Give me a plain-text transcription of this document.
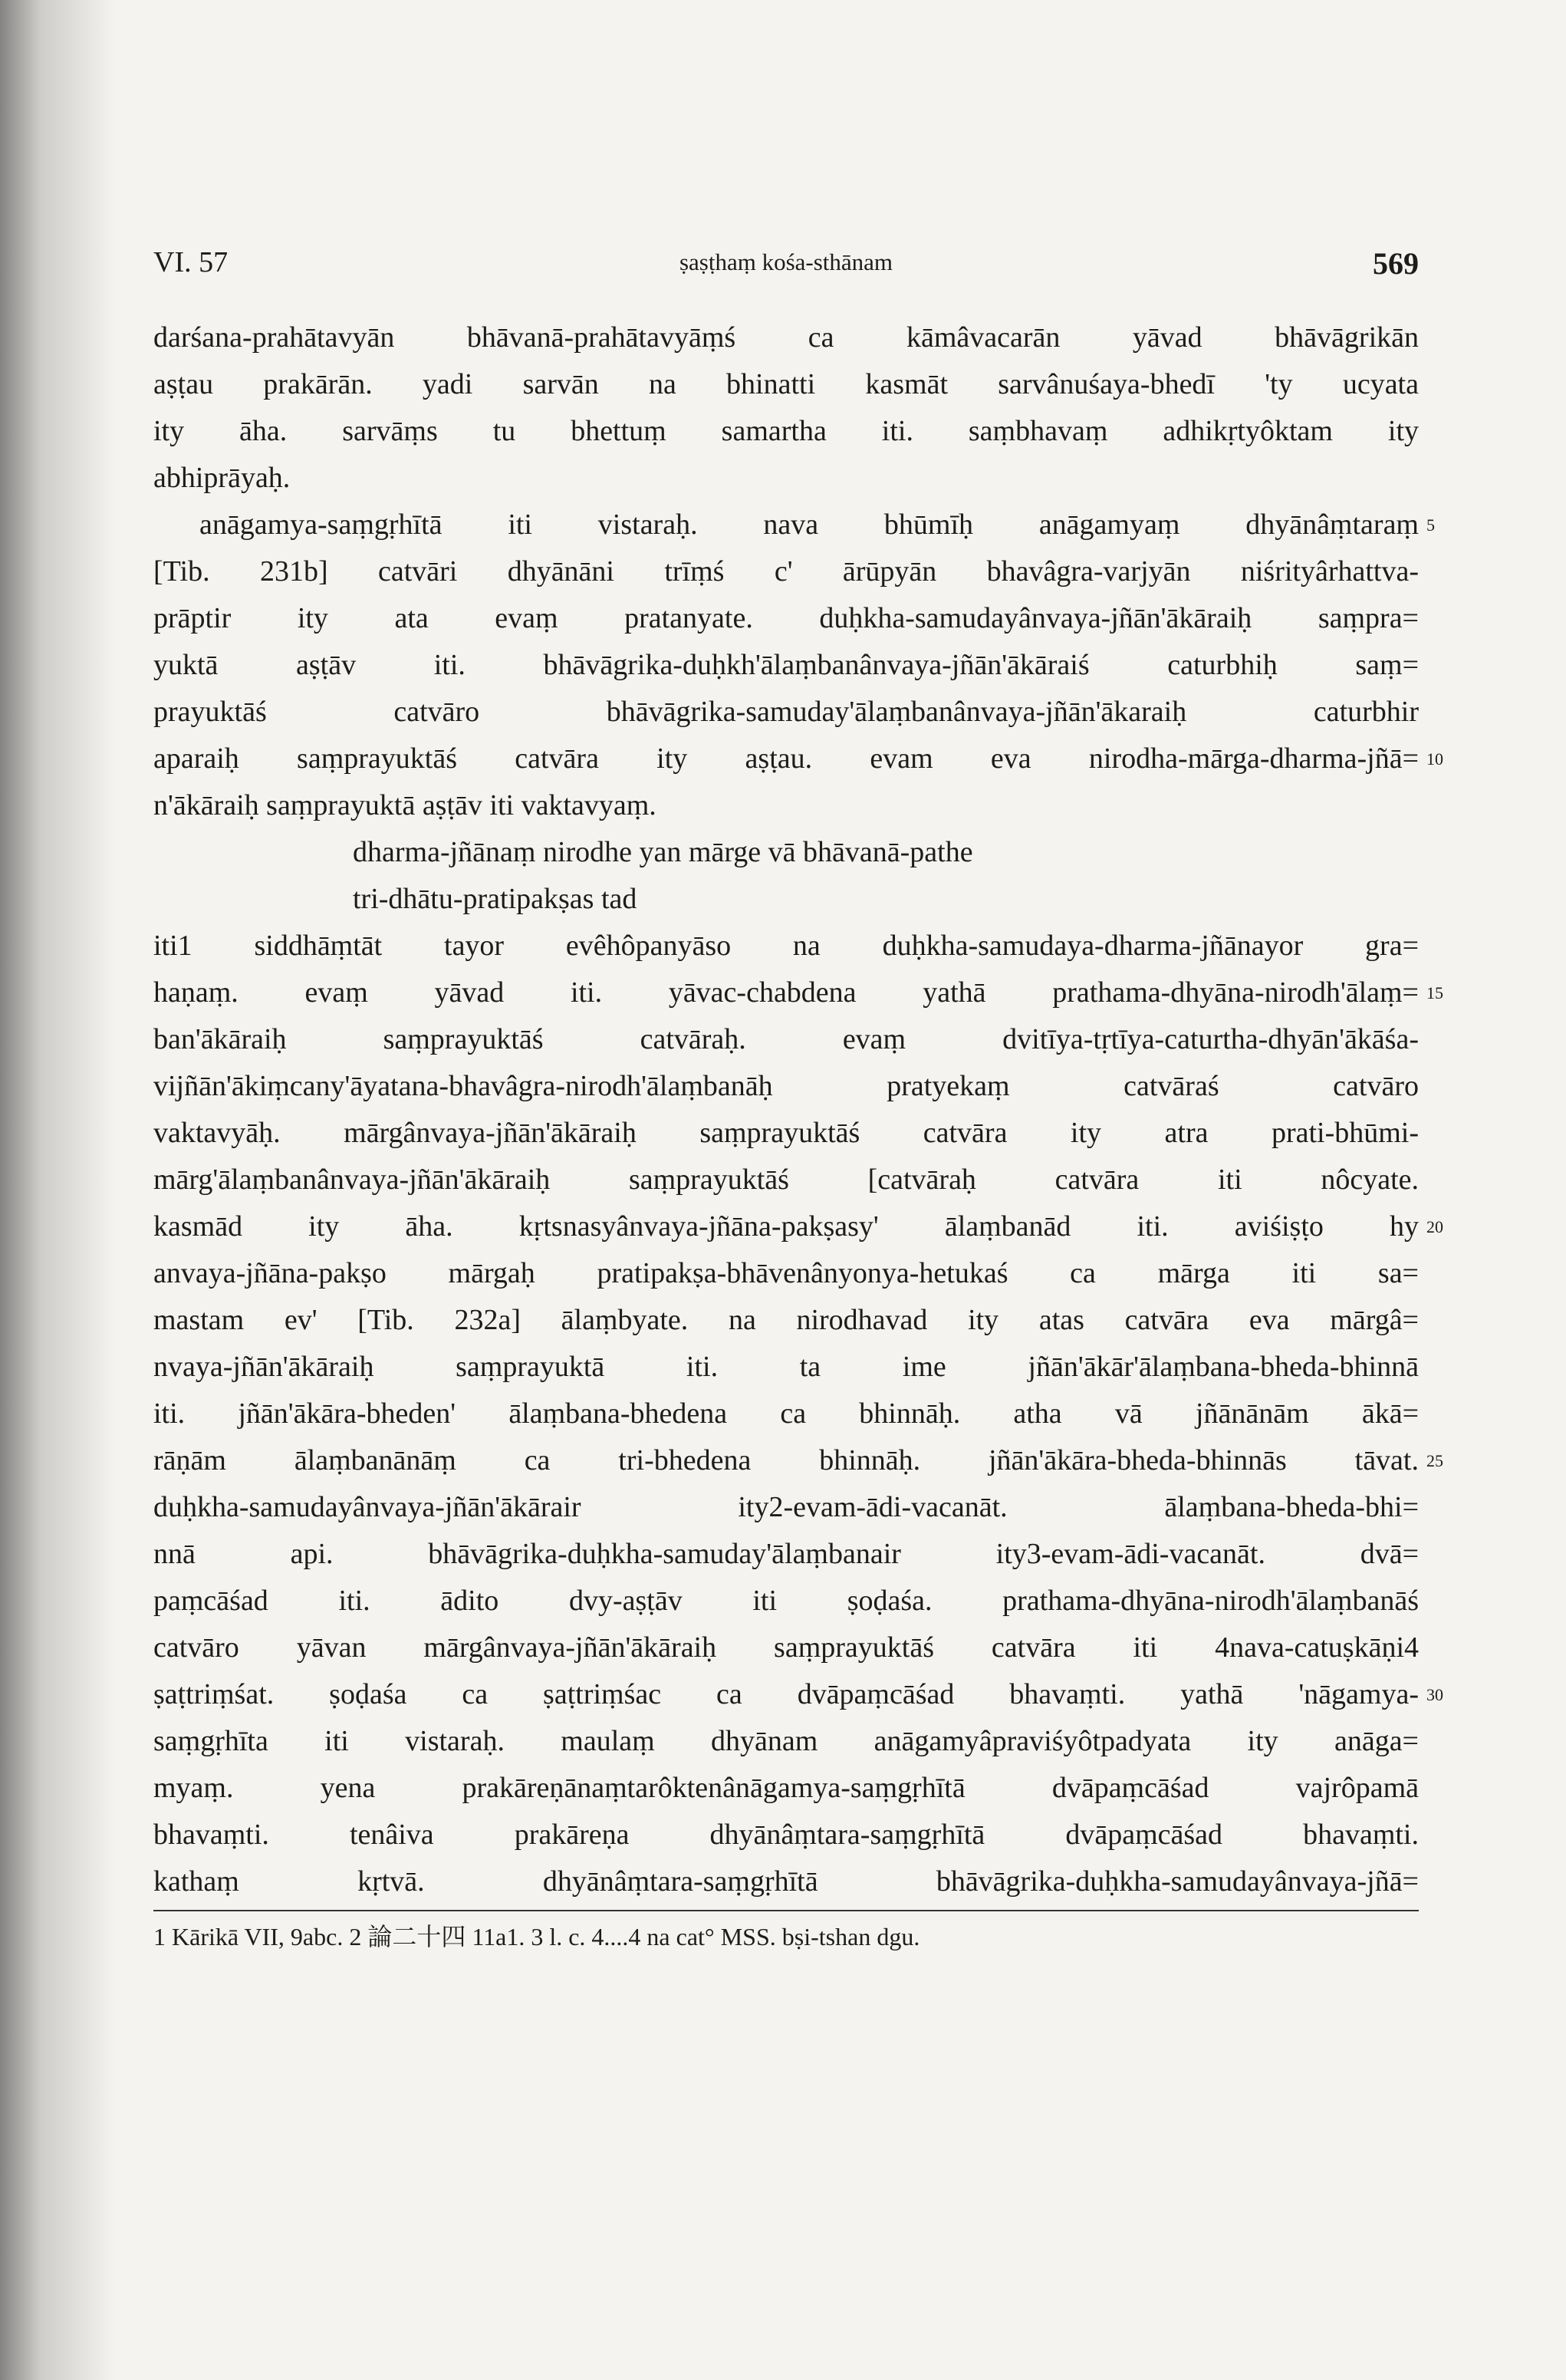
VI. 57	ṣaṣṭhaṃ kośa-sthānam	569
darśana-prahātavyān bhāvanā-prahātavyāṃś ca kāmâvacarān yāvad bhāvāgrikān
aṣṭau prakārān. yadi sarvān na bhinatti kasmāt sarvânuśaya-bhedī 'ty ucyata
ity āha. sarvāṃs tu bhettuṃ samartha iti. saṃbhavaṃ adhikṛtyôktam ity
abhiprāyaḥ.
anāgamya-saṃgṛhītā iti vistaraḥ. nava bhūmīḥ anāgamyaṃ dhyānâṃtaraṃ 5
[Tib. 231b] catvāri dhyānāni trīṃś c' ārūpyān bhavâgra-varjyān niśrityârhattva-
prāptir ity ata evaṃ pratanyate. duḥkha-samudayânvaya-jñān'ākāraiḥ saṃpra=
yuktā aṣṭāv iti. bhāvāgrika-duḥkh'ālaṃbanânvaya-jñān'ākāraiś caturbhiḥ saṃ=
prayuktāś catvāro bhāvāgrika-samuday'ālaṃbanânvaya-jñān'ākaraiḥ caturbhir
aparaiḥ saṃprayuktāś catvāra ity aṣṭau. evam eva nirodha-mārga-dharma-jñā= 10
n'ākāraiḥ saṃprayuktā aṣṭāv iti vaktavyaṃ.
dharma-jñānaṃ nirodhe yan mārge vā bhāvanā-pathe
tri-dhātu-pratipakṣas tad
iti1 siddhāṃtāt tayor evêhôpanyāso na duḥkha-samudaya-dharma-jñānayor gra=
haṇaṃ. evaṃ yāvad iti. yāvac-chabdena yathā prathama-dhyāna-nirodh'ālaṃ= 15
ban'ākāraiḥ saṃprayuktāś catvāraḥ. evaṃ dvitīya-tṛtīya-caturtha-dhyān'ākāśa-
vijñān'ākiṃcany'āyatana-bhavâgra-nirodh'ālaṃbanāḥ pratyekaṃ catvāraś catvāro
vaktavyāḥ. mārgânvaya-jñān'ākāraiḥ saṃprayuktāś catvāra ity atra prati-bhūmi-
mārg'ālaṃbanânvaya-jñān'ākāraiḥ saṃprayuktāś [catvāraḥ catvāra iti nôcyate.
kasmād ity āha. kṛtsnasyânvaya-jñāna-pakṣasy' ālaṃbanād iti. aviśiṣṭo hy 20
anvaya-jñāna-pakṣo mārgaḥ pratipakṣa-bhāvenânyonya-hetukaś ca mārga iti sa=
mastam ev' [Tib. 232a] ālaṃbyate. na nirodhavad ity atas catvāra eva mārgâ=
nvaya-jñān'ākāraiḥ saṃprayuktā iti. ta ime jñān'ākār'ālaṃbana-bheda-bhinnā
iti. jñān'ākāra-bheden' ālaṃbana-bhedena ca bhinnāḥ. atha vā jñānānām ākā=
rāṇām ālaṃbanānāṃ ca tri-bhedena bhinnāḥ. jñān'ākāra-bheda-bhinnās tāvat. 25
duḥkha-samudayânvaya-jñān'ākārair ity2-evam-ādi-vacanāt. ālaṃbana-bheda-bhi=
nnā api. bhāvāgrika-duḥkha-samuday'ālaṃbanair ity3-evam-ādi-vacanāt. dvā=
paṃcāśad iti. ādito dvy-aṣṭāv iti ṣoḍaśa. prathama-dhyāna-nirodh'ālaṃbanāś
catvāro yāvan mārgânvaya-jñān'ākāraiḥ saṃprayuktāś catvāra iti 4nava-catuṣkāṇi4
ṣaṭtriṃśat. ṣoḍaśa ca ṣaṭtriṃśac ca dvāpaṃcāśad bhavaṃti. yathā 'nāgamya- 30
saṃgṛhīta iti vistaraḥ. maulaṃ dhyānam anāgamyâpraviśyôtpadyata ity anāga=
myaṃ. yena prakāreṇānaṃtarôktenânāgamya-saṃgṛhītā dvāpaṃcāśad vajrôpamā
bhavaṃti. tenâiva prakāreṇa dhyānâṃtara-saṃgṛhītā dvāpaṃcāśad bhavaṃti.
kathaṃ kṛtvā. dhyānâṃtara-saṃgṛhītā bhāvāgrika-duḥkha-samudayânvaya-jñā=
1 Kārikā VII, 9abc. 2 論二十四 11a1. 3 l. c. 4....4 na cat° MSS. bṣi-tshan dgu.
